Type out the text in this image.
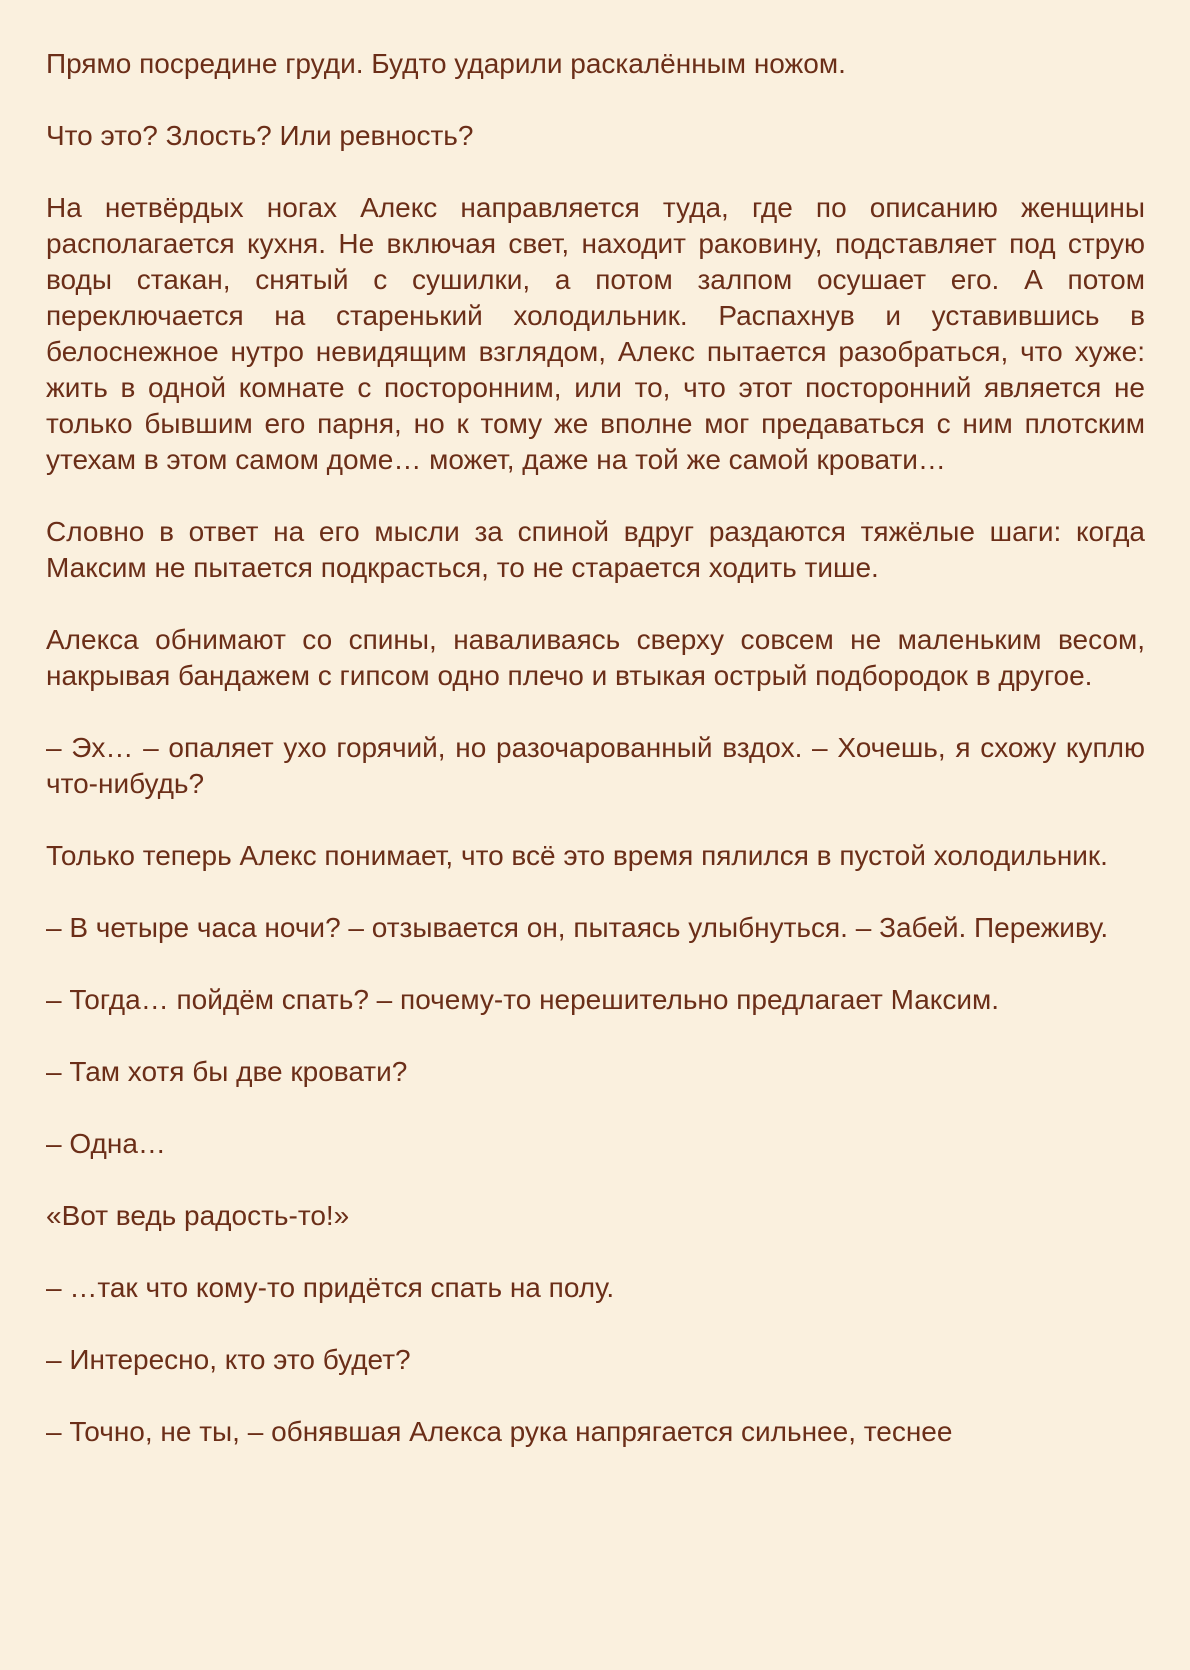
Прямо посредине груди. Будто ударили раскалённым ножом.

Что это? Злость? Или ревность?

На нетвёрдых ногах Алекс направляется туда, где по описанию женщины располагается кухня. Не включая свет, находит раковину, подставляет под струю воды стакан, снятый с сушилки, а потом залпом осушает его. А потом переключается на старенький холодильник. Распахнув и уставившись в белоснежное нутро невидящим взглядом, Алекс пытается разобраться, что хуже: жить в одной комнате с посторонним, или то, что этот посторонний является не только бывшим его парня, но к тому же вполне мог предаваться с ним плотским утехам в этом самом доме… может, даже на той же самой кровати…

Словно в ответ на его мысли за спиной вдруг раздаются тяжёлые шаги: когда Максим не пытается подкрасться, то не старается ходить тише.

Алекса обнимают со спины, наваливаясь сверху совсем не маленьким весом, накрывая бандажем с гипсом одно плечо и втыкая острый подбородок в другое.

– Эх… – опаляет ухо горячий, но разочарованный вздох. – Хочешь, я схожу куплю что-нибудь?

Только теперь Алекс понимает, что всё это время пялился в пустой холодильник.

– В четыре часа ночи? – отзывается он, пытаясь улыбнуться. – Забей. Переживу.

– Тогда… пойдём спать? – почему-то нерешительно предлагает Максим.

– Там хотя бы две кровати?

– Одна…

«Вот ведь радость-то!»

– …так что кому-то придётся спать на полу.

– Интересно, кто это будет?

– Точно, не ты, – обнявшая Алекса рука напрягается сильнее, теснее
